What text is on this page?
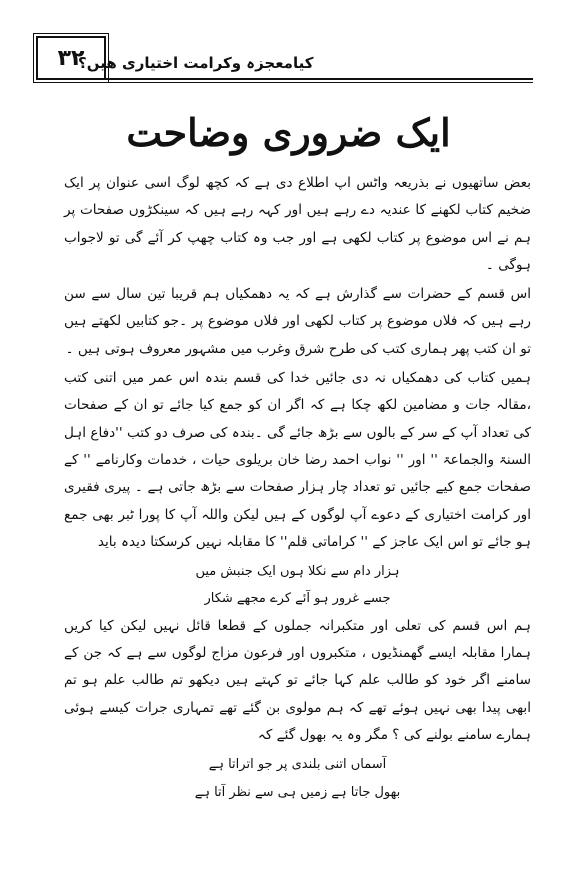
۳۲
کیامعجزہ وکرامت اختیاری ھیں؟
ایک ضروری وضاحت

بعض ساتھیوں نے بذریعہ واٹس اپ اطلاع دی ہے کہ کچھ لوگ اسی عنوان پر ایک ضخیم کتاب لکھنے کا عندیہ دے رہے ہیں اور کہہ رہے ہیں کہ سینکڑوں صفحات پر ہم نے اس موضوع پر کتاب لکھی ہے اور جب وہ کتاب چھپ کر آئے گی تو لاجواب ہوگی ۔

اس قسم کے حضرات سے گذارش ہے کہ یہ دھمکیاں ہم قریبا تین سال سے سن رہے ہیں کہ فلاں موضوع پر کتاب لکھی اور فلاں موضوع پر ۔جو کتابیں لکھتے ہیں تو ان کتب پھر ہماری کتب کی طرح شرق وغرب میں مشہور معروف ہوتی ہیں ۔

ہمیں کتاب کی دھمکیاں نہ دی جائیں خدا کی قسم بندہ اس عمر میں اتنی کتب ،مقالہ جات و مضامین لکھ چکا ہے کہ اگر ان کو جمع کیا جائے تو ان کے صفحات کی تعداد آپ کے سر کے بالوں سے بڑھ جائے گی ۔بندہ کی صرف دو کتب ''دفاع اہل السنۃ والجماعۃ '' اور '' نواب احمد رضا خان بریلوی حیات ، خدمات وکارنامے '' کے صفحات جمع کیے جائیں تو تعداد چار ہزار صفحات سے بڑھ جاتی ہے ۔ پیری فقیری اور کرامت اختیاری کے دعوے آپ لوگوں کے ہیں لیکن واللہ آپ کا پورا ٹبر بھی جمع ہو جائے تو اس ایک عاجز کے '' کراماتی قلم'' کا مقابلہ نہیں کرسکتا دیدہ باید

ہزار دام سے نکلا ہوں ایک جنبش میں

جسے غرور ہو آئے کرے مجھے شکار

ہم اس قسم کی تعلی اور متکبرانہ جملوں کے قطعا قائل نہیں لیکن کیا کریں ہمارا مقابلہ ایسے گھمنڈیوں ، متکبروں اور فرعون مزاج لوگوں سے ہے کہ جن کے سامنے اگر خود کو طالب علم کہا جائے تو کہتے ہیں دیکھو تم طالب علم ہو تم ابھی پیدا بھی نہیں ہوئے تھے کہ ہم مولوی بن گئے تھے تمہاری جرات کیسے ہوئی ہمارے سامنے بولنے کی ؟ مگر وہ یہ بھول گئے کہ

آسماں اتنی بلندی پر جو اتراتا ہے

بھول جاتا ہے زمیں ہی سے نظر آتا ہے
